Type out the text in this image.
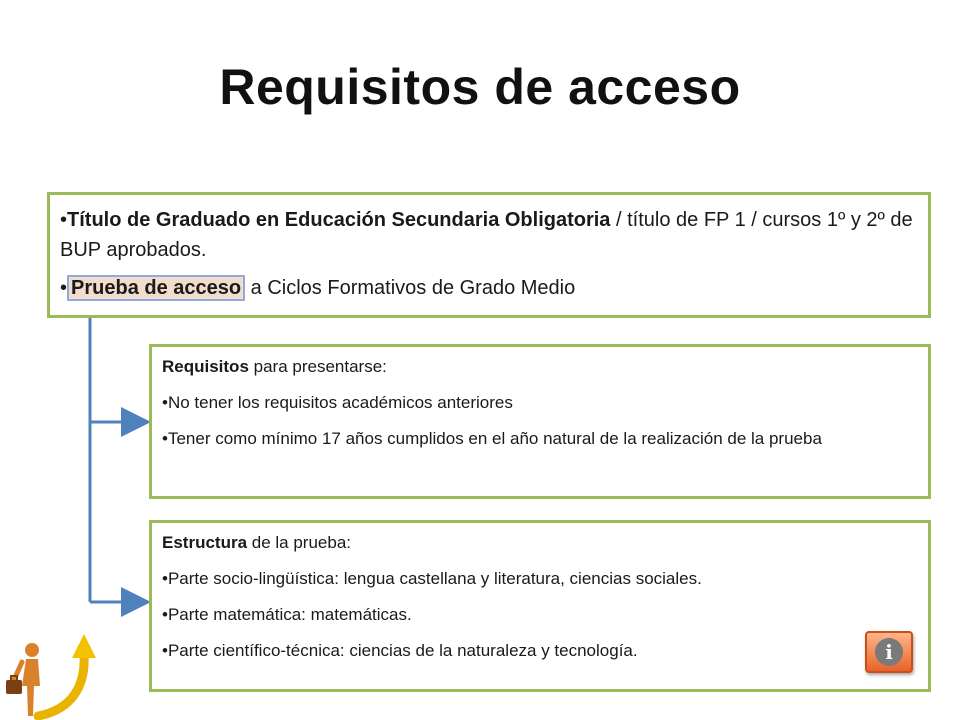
Requisitos de acceso

•Título de Graduado en Educación Secundaria Obligatoria / título de FP 1 / cursos 1º y 2º de BUP aprobados.

• Prueba de acceso a Ciclos Formativos de Grado Medio

Requisitos para presentarse:

•No tener los requisitos académicos anteriores

•Tener como mínimo 17 años cumplidos en el año natural de la realización de la prueba

Estructura de la prueba:

•Parte socio-lingüística: lengua castellana y literatura, ciencias sociales.

•Parte matemática: matemáticas.

•Parte científico-técnica: ciencias de la naturaleza y tecnología.	i
